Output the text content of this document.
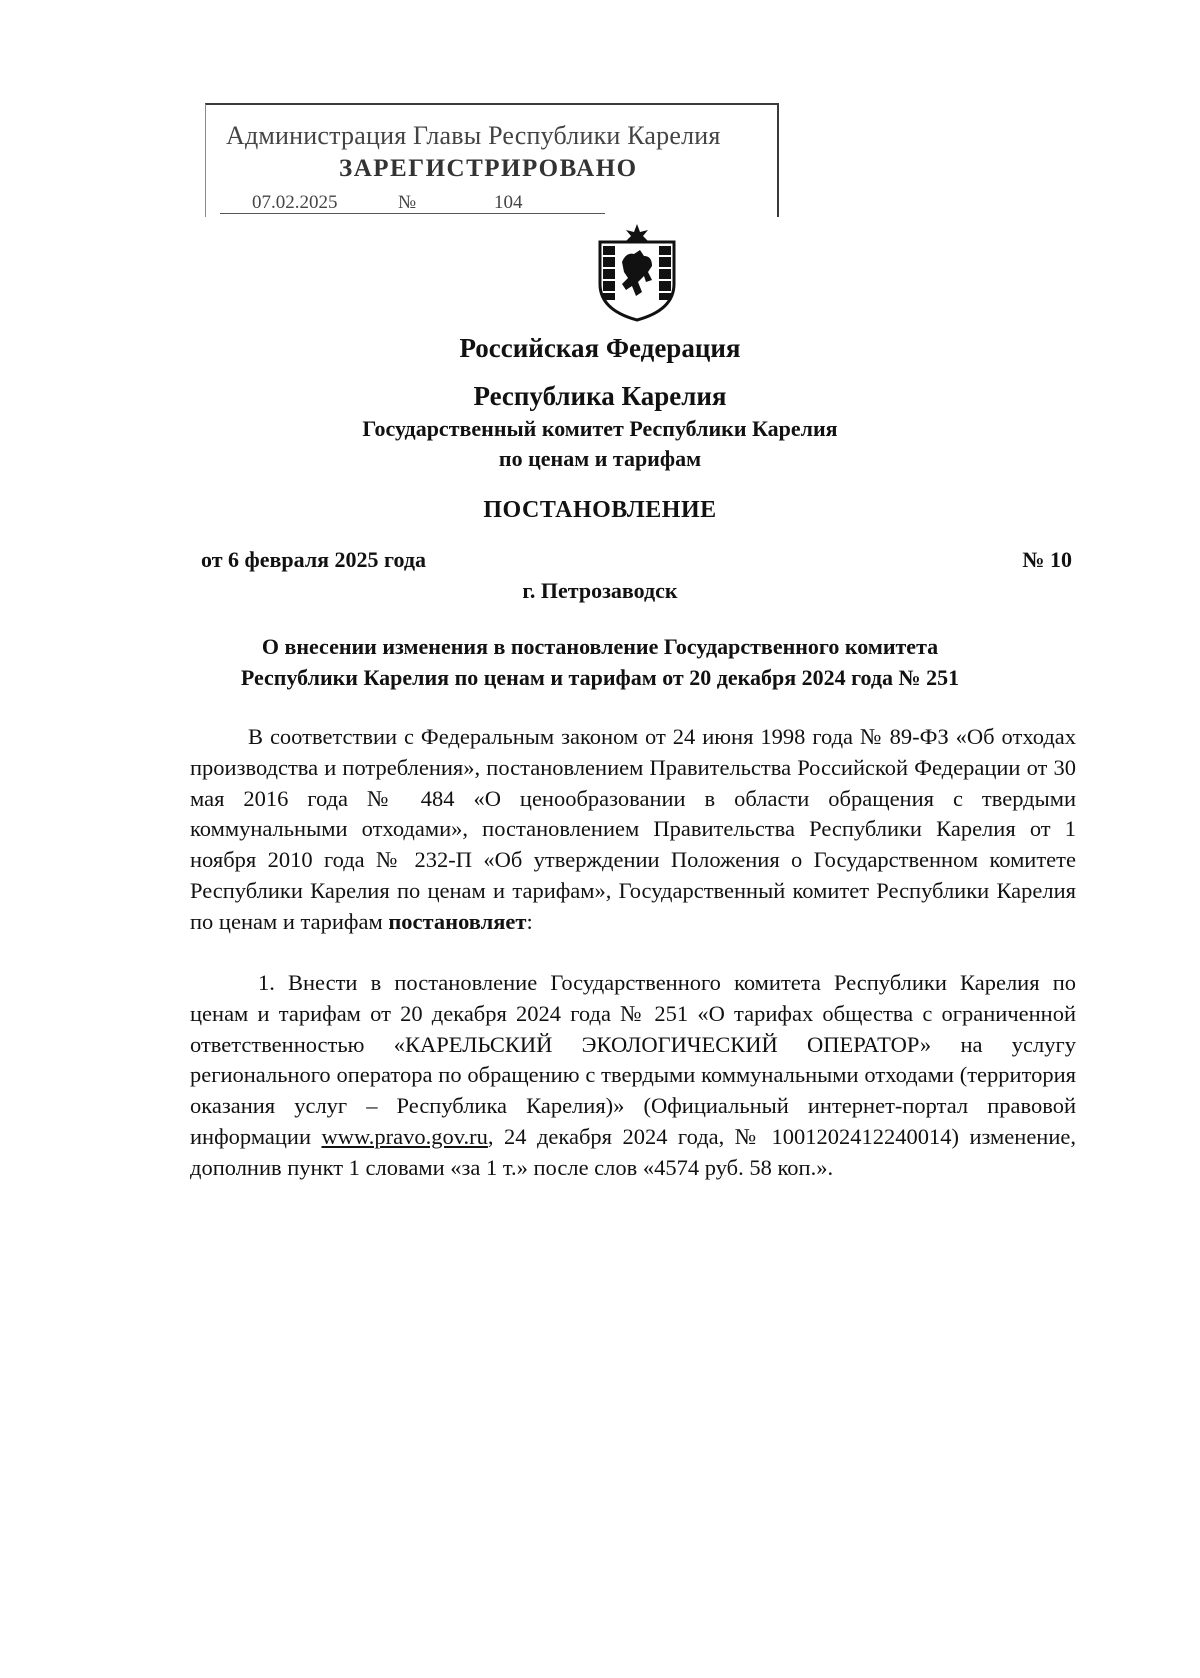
Администрация Главы Республики Карелия
ЗАРЕГИСТРИРОВАНО
07.02.2025	№	104
Российская Федерация
Республика Карелия
Государственный комитет Республики Карелия
по ценам и тарифам
ПОСТАНОВЛЕНИЕ
от 6 февраля 2025 года	№ 10
г. Петрозаводск
О внесении изменения в постановление Государственного комитета
Республики Карелия по ценам и тарифам от 20 декабря 2024 года № 251
В соответствии с Федеральным законом от 24 июня 1998 года № 89-ФЗ «Об отходах производства и потребления», постановлением Правительства Российской Федерации от 30 мая 2016 года № 484 «О ценообразовании в области обращения с твердыми коммунальными отходами», постановлением Правительства Республики Карелия от 1 ноября 2010 года № 232-П «Об утверждении Положения о Государственном комитете Республики Карелия по ценам и тарифам», Государственный комитет Республики Карелия по ценам и тарифам постановляет:
1. Внести в постановление Государственного комитета Республики Карелия по ценам и тарифам от 20 декабря 2024 года № 251 «О тарифах общества с ограниченной ответственностью «КАРЕЛЬСКИЙ ЭКОЛОГИЧЕСКИЙ ОПЕРАТОР» на услугу регионального оператора по обращению с твердыми коммунальными отходами (территория оказания услуг – Республика Карелия)» (Официальный интернет-портал правовой информации www.pravo.gov.ru, 24 декабря 2024 года, № 1001202412240014) изменение, дополнив пункт 1 словами «за 1 т.» после слов «4574 руб. 58 коп.».
